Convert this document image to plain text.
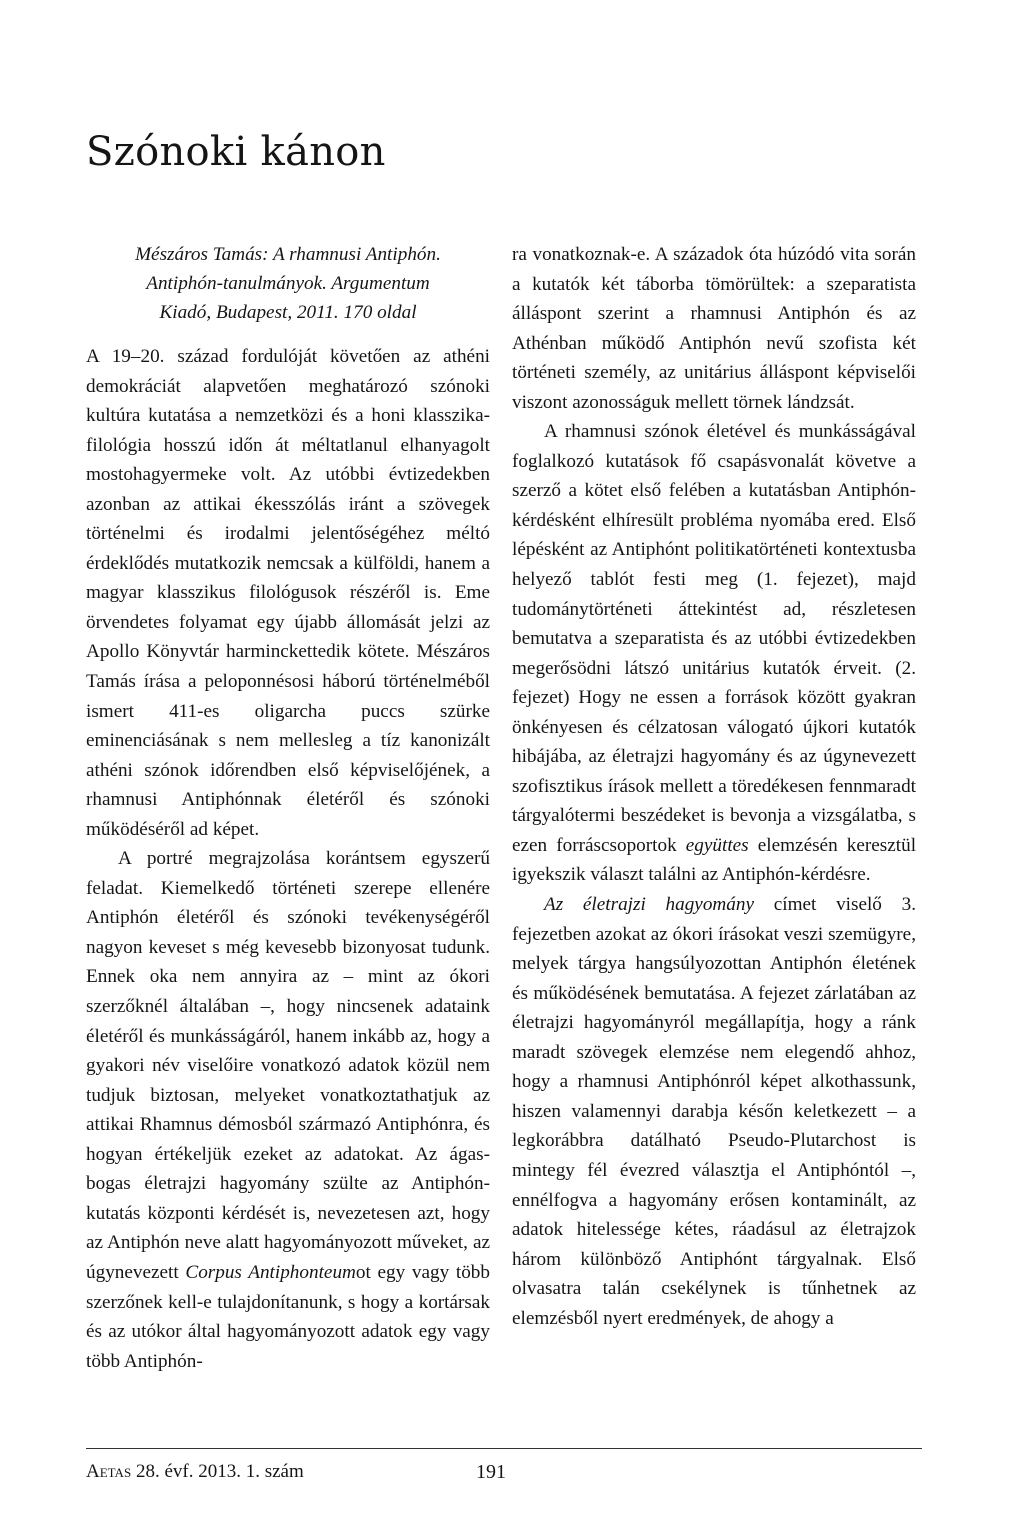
Szónoki kánon
Mészáros Tamás: A rhamnusi Antiphón.
Antiphón-tanulmányok. Argumentum
Kiadó, Budapest, 2011. 170 oldal

A 19–20. század fordulóját követően az athéni demokráciát alapvetően meghatározó szónoki kultúra kutatása a nemzetközi és a honi klasszika-filológia hosszú időn át méltatlanul elhanyagolt mostohagyermeke volt. Az utóbbi évtizedekben azonban az attikai ékesszólás iránt a szövegek történelmi és irodalmi jelentőségéhez méltó érdeklődés mutatkozik nemcsak a külföldi, hanem a magyar klasszikus filológusok részéről is. Eme örvendetes folyamat egy újabb állomását jelzi az Apollo Könyvtár harminckettedik kötete. Mészáros Tamás írása a peloponnésosi háború történelméből ismert 411-es oligarcha puccs szürke eminenciásának s nem mellesleg a tíz kanonizált athéni szónok időrendben első képviselőjének, a rhamnusi Antiphónnak életéről és szónoki működéséről ad képet.

A portré megrajzolása korántsem egyszerű feladat. Kiemelkedő történeti szerepe ellenére Antiphón életéről és szónoki tevékenységéről nagyon keveset s még kevesebb bizonyosat tudunk. Ennek oka nem annyira az – mint az ókori szerzőknél általában –, hogy nincsenek adataink életéről és munkásságáról, hanem inkább az, hogy a gyakori név viselőire vonatkozó adatok közül nem tudjuk biztosan, melyeket vonatkoztathatjuk az attikai Rhamnus démosból származó Antiphónra, és hogyan értékeljük ezeket az adatokat. Az ágas-bogas életrajzi hagyomány szülte az Antiphón-kutatás központi kérdését is, nevezetesen azt, hogy az Antiphón neve alatt hagyományozott műveket, az úgynevezett Corpus Antiphonteumot egy vagy több szerzőnek kell-e tulajdonítanunk, s hogy a kortársak és az utókor által hagyományozott adatok egy vagy több Antiphón-

ra vonatkoznak-e. A századok óta húzódó vita során a kutatók két táborba tömörültek: a szeparatista álláspont szerint a rhamnusi Antiphón és az Athénban működő Antiphón nevű szofista két történeti személy, az unitárius álláspont képviselői viszont azonosságuk mellett törnek lándzsát.

A rhamnusi szónok életével és munkásságával foglalkozó kutatások fő csapásvonalát követve a szerző a kötet első felében a kutatásban Antiphón-kérdésként elhíresült probléma nyomába ered. Első lépésként az Antiphónt politikatörténeti kontextusba helyező tablót festi meg (1. fejezet), majd tudománytörténeti áttekintést ad, részletesen bemutatva a szeparatista és az utóbbi évtizedekben megerősödni látszó unitárius kutatók érveit. (2. fejezet) Hogy ne essen a források között gyakran önkényesen és célzatosan válogató újkori kutatók hibájába, az életrajzi hagyomány és az úgynevezett szofisztikus írások mellett a töredékesen fennmaradt tárgyalótermi beszédeket is bevonja a vizsgálatba, s ezen forráscsoportok együttes elemzésén keresztül igyekszik választ találni az Antiphón-kérdésre.

Az életrajzi hagyomány címet viselő 3. fejezetben azokat az ókori írásokat veszi szemügyre, melyek tárgya hangsúlyozottan Antiphón életének és működésének bemutatása. A fejezet zárlatában az életrajzi hagyományról megállapítja, hogy a ránk maradt szövegek elemzése nem elegendő ahhoz, hogy a rhamnusi Antiphónról képet alkothassunk, hiszen valamennyi darabja későn keletkezett – a legkorábbra datálható Pseudo-Plutarchost is mintegy fél évezred választja el Antiphóntól –, ennélfogva a hagyomány erősen kontaminált, az adatok hitelessége kétes, ráadásul az életrajzok három különböző Antiphónt tárgyalnak. Első olvasatra talán csekélynek is tűnhetnek az elemzésből nyert eredmények, de ahogy a

Aetas 28. évf. 2013. 1. szám	191
